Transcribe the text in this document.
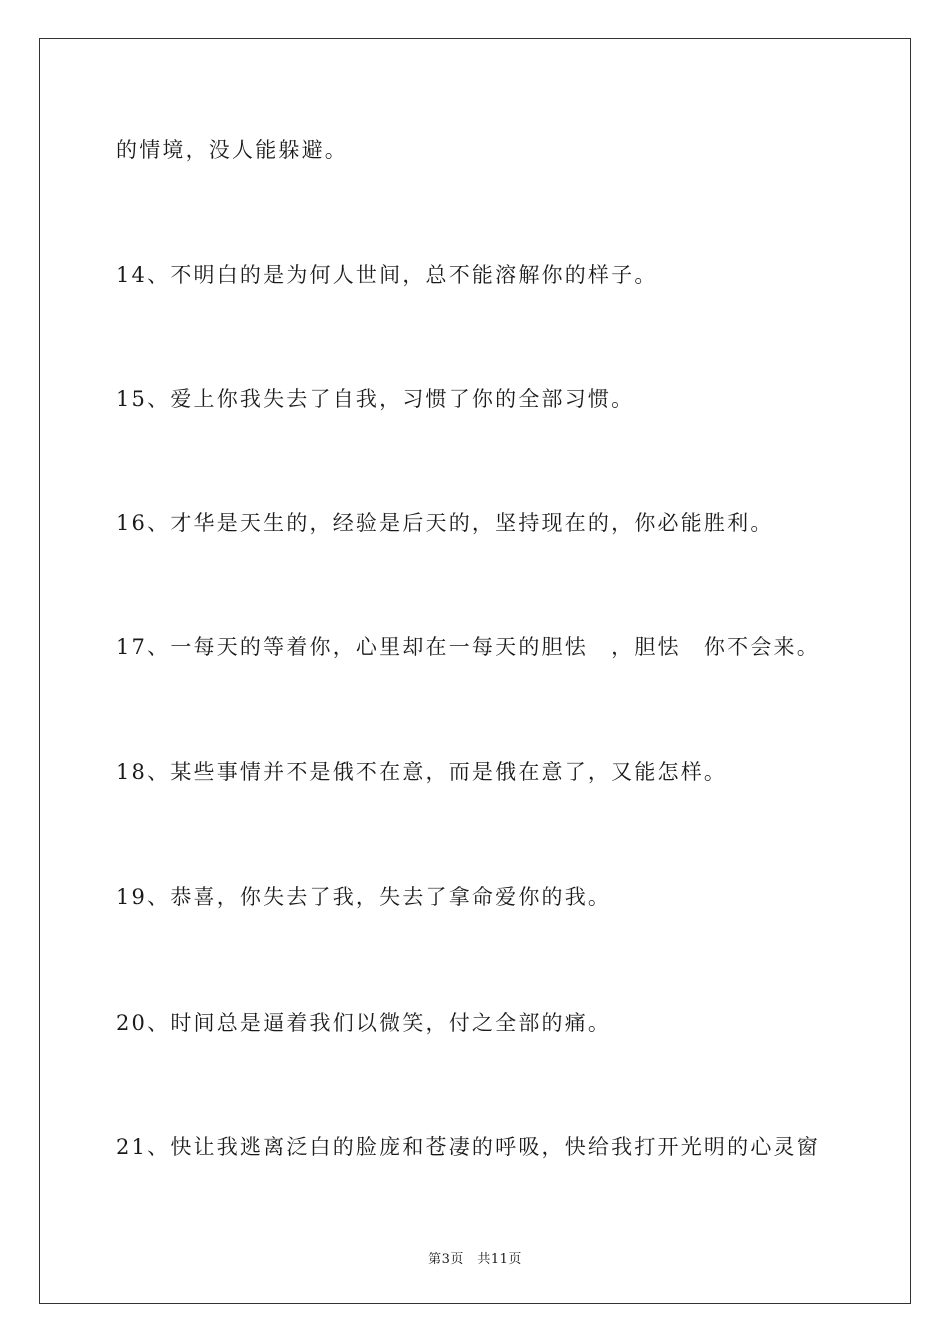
的情境，没人能躲避。

14、不明白的是为何人世间，总不能溶解你的样子。

15、爱上你我失去了自我，习惯了你的全部习惯。

16、才华是天生的，经验是后天的，坚持现在的，你必能胜利。

17、一每天的等着你，心里却在一每天的胆怯　，胆怯　你不会来。

18、某些事情并不是俄不在意，而是俄在意了，又能怎样。

19、恭喜，你失去了我，失去了拿命爱你的我。

20、时间总是逼着我们以微笑，付之全部的痛。

21、快让我逃离泛白的脸庞和苍凄的呼吸，快给我打开光明的心灵窗

第3页　共11页
